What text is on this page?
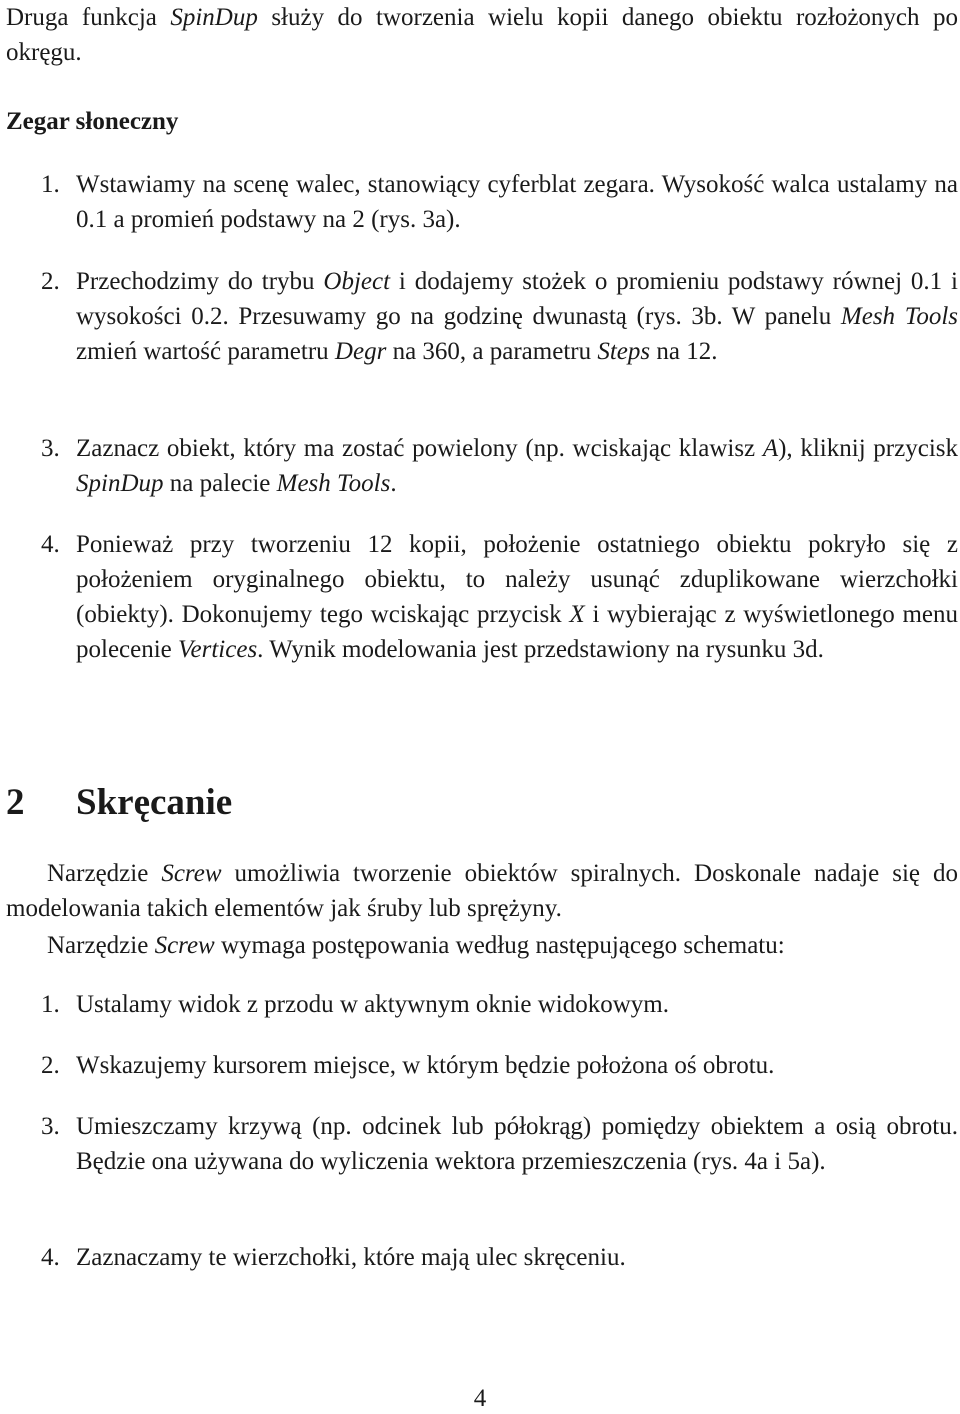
Druga funkcja SpinDup służy do tworzenia wielu kopii danego obiektu rozłożonych po okręgu.

Zegar słoneczny

1. Wstawiamy na scenę walec, stanowiący cyferblat zegara. Wysokość walca ustalamy na 0.1 a promień podstawy na 2 (rys. 3a).
2. Przechodzimy do trybu Object i dodajemy stożek o promieniu podstawy równej 0.1 i wysokości 0.2. Przesuwamy go na godzinę dwunastą (rys. 3b. W panelu Mesh Tools zmień wartość parametru Degr na 360, a parametru Steps na 12.
3. Zaznacz obiekt, który ma zostać powielony (np. wciskając klawisz A), kliknij przycisk SpinDup na palecie Mesh Tools.
4. Ponieważ przy tworzeniu 12 kopii, położenie ostatniego obiektu pokryło się z położeniem oryginalnego obiektu, to należy usunąć zduplikowane wierzchołki (obiekty). Dokonujemy tego wciskając przycisk X i wybierając z wyświetlonego menu polecenie Vertices. Wynik modelowania jest przedstawiony na rysunku 3d.
2 Skręcanie

Narzędzie Screw umożliwia tworzenie obiektów spiralnych. Doskonale nadaje się do modelowania takich elementów jak śruby lub sprężyny.

Narzędzie Screw wymaga postępowania według następującego schematu:

1. Ustalamy widok z przodu w aktywnym oknie widokowym.
2. Wskazujemy kursorem miejsce, w którym będzie położona oś obrotu.
3. Umieszczamy krzywą (np. odcinek lub półokrąg) pomiędzy obiektem a osią obrotu. Będzie ona używana do wyliczenia wektora przemieszczenia (rys. 4a i 5a).
4. Zaznaczamy te wierzchołki, które mają ulec skręceniu.
4
